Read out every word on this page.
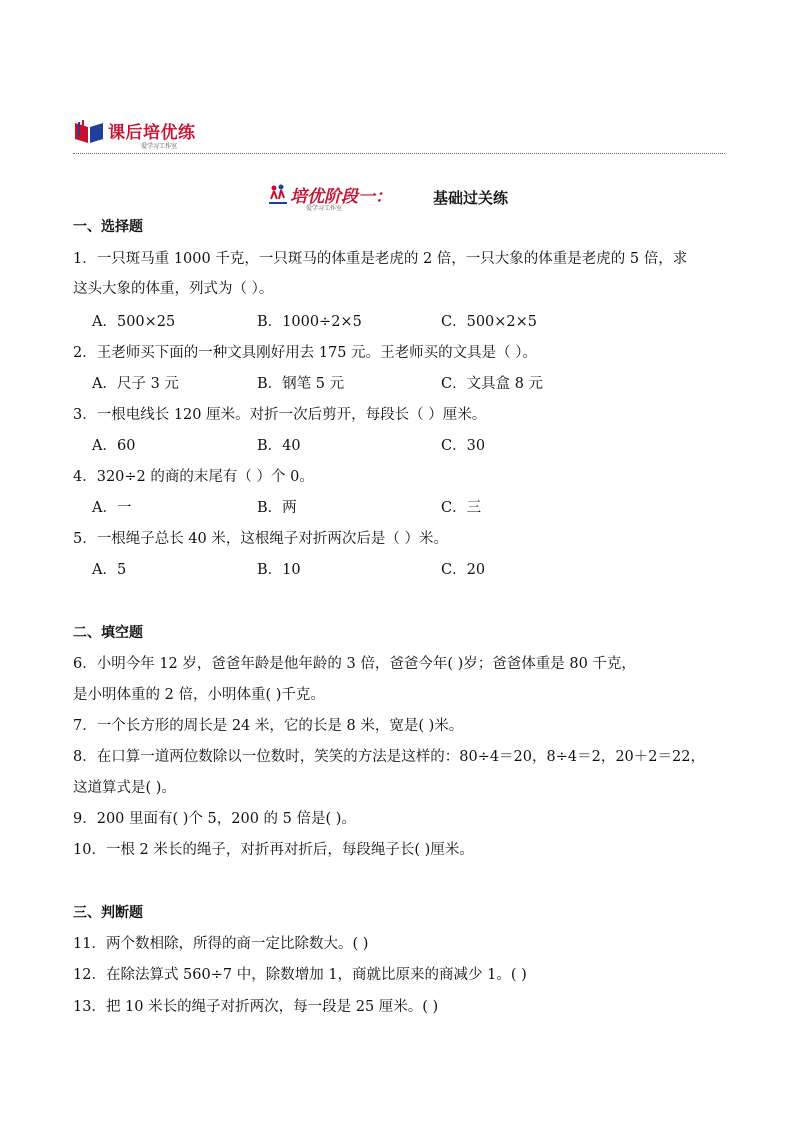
课后培优练
爱学习工作室
培优阶段一：	基础过关练
爱学习工作室
一、选择题
1．一只斑马重 1000 千克，一只斑马的体重是老虎的 2 倍，一只大象的体重是老虎的 5 倍，求
这头大象的体重，列式为（ ）。
A．500×25	B．1000÷2×5	C．500×2×5
2．王老师买下面的一种文具刚好用去 175 元。王老师买的文具是（ ）。
A．尺子 3 元	B．钢笔 5 元	C．文具盒 8 元
3．一根电线长 120 厘米。对折一次后剪开，每段长（ ）厘米。
A．60	B．40	C．30
4．320÷2 的商的末尾有（ ）个 0。
A．一	B．两	C．三
5．一根绳子总长 40 米，这根绳子对折两次后是（ ）米。
A．5	B．10	C．20
二、填空题
6．小明今年 12 岁，爸爸年龄是他年龄的 3 倍，爸爸今年( )岁；爸爸体重是 80 千克，
是小明体重的 2 倍，小明体重( )千克。
7．一个长方形的周长是 24 米，它的长是 8 米，宽是( )米。
8．在口算一道两位数除以一位数时，笑笑的方法是这样的：80÷4＝20，8÷4＝2，20＋2＝22，
这道算式是( )。
9．200 里面有( )个 5，200 的 5 倍是( )。
10．一根 2 米长的绳子，对折再对折后，每段绳子长( )厘米。
三、判断题
11．两个数相除，所得的商一定比除数大。( )
12．在除法算式 560÷7 中，除数增加 1，商就比原来的商减少 1。( )
13．把 10 米长的绳子对折两次，每一段是 25 厘米。( )
